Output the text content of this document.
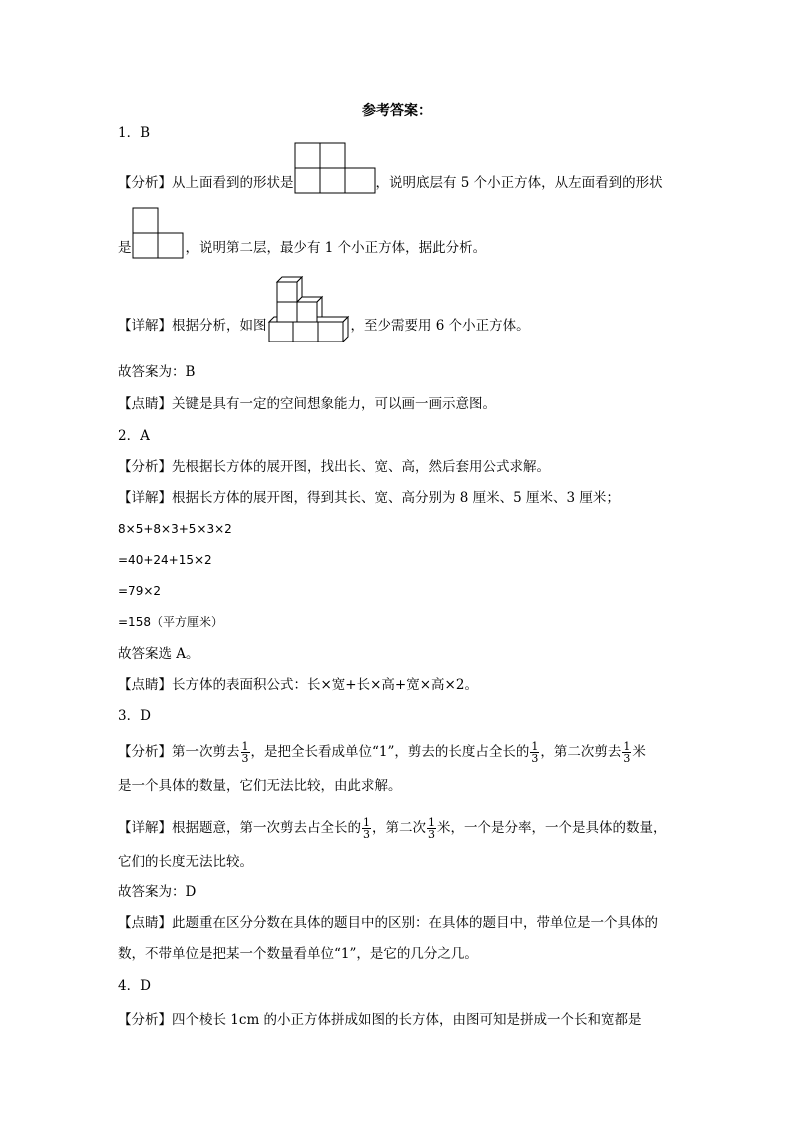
参考答案：
1．B
【分析】从上面看到的形状是	，说明底层有 5 个小正方体，从左面看到的形状
是	，说明第二层，最少有 1 个小正方体，据此分析。
【详解】根据分析，如图	，至少需要用 6 个小正方体。
故答案为：B
【点睛】关键是具有一定的空间想象能力，可以画一画示意图。
2．A
【分析】先根据长方体的展开图，找出长、宽、高，然后套用公式求解。
【详解】根据长方体的展开图，得到其长、宽、高分别为 8 厘米、5 厘米、3 厘米；
8×5+8×3+5×3×2
=40+24+15×2
=79×2
=158（平方厘米）
故答案选 A。
【点睛】长方体的表面积公式：长×宽+长×高+宽×高×2。
3．D
【分析】第一次剪去 $\frac{1}{3}$ ，是把全长看成单位“1”，剪去的长度占全长的 $\frac{1}{3}$ ，第二次剪去 $\frac{1}{3}$ 米
是一个具体的数量，它们无法比较，由此求解。
【详解】根据题意，第一次剪去占全长的 $\frac{1}{3}$ ，第二次 $\frac{1}{3}$ 米，一个是分率，一个是具体的数量，
它们的长度无法比较。
故答案为：D
【点睛】此题重在区分分数在具体的题目中的区别：在具体的题目中，带单位是一个具体的
数，不带单位是把某一个数量看单位“1”，是它的几分之几。
4．D
【分析】四个棱长 1cm 的小正方体拼成如图的长方体，由图可知是拼成一个长和宽都是
